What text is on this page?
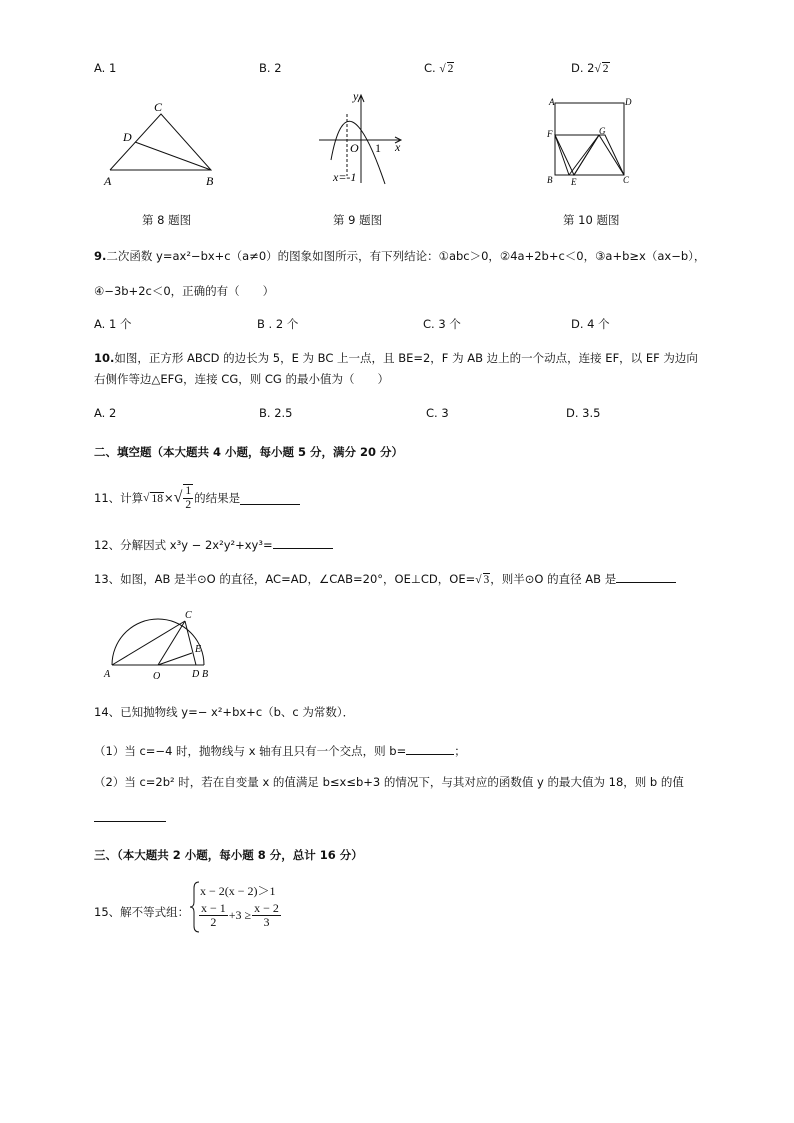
A. 1	B. 2	C. √ 2	D. 2√ 2
C
D
A	B
y
x
O 1
x=-1
A	D
F	G
B E	C
第 8 题图	第 9 题图	第 10 题图
9.二次函数 y=ax²−bx+c（a≠0）的图象如图所示，有下列结论：①abc＞0，②4a+2b+c＜0，③a+b≥x（ax−b），
④−3b+2c＜0，正确的有（　　）
A. 1 个	B . 2 个	C. 3 个	D. 4 个
10.如图，正方形 ABCD 的边长为 5，E 为 BC 上一点，且 BE=2，F 为 AB 边上的一个动点，连接 EF，以 EF 为边向
右侧作等边△EFG，连接 CG，则 CG 的最小值为（　　）
A. 2	B. 2.5	C. 3	D. 3.5
二、填空题（本大题共 4 小题，每小题 5 分，满分 20 分）
11、计算 √ 18 × √ $\frac{1}{2}$ 的结果是
12、分解因式 x³y − 2x²y²+xy³=
13、如图，AB 是半⊙O 的直径，AC=AD，∠CAB=20°，OE⊥CD，OE=√ 3，则半⊙O 的直径 AB 是
C
E
A	O	D B
14、已知抛物线 y=− x²+bx+c（b、c 为常数）．
（1）当 c=−4 时，抛物线与 x 轴有且只有一个交点，则 b=	；
（2）当 c=2b² 时，若在自变量 x 的值满足 b≤x≤b+3 的情况下，与其对应的函数值 y 的最大值为 18，则 b 的值
三、（本大题共 2 小题，每小题 8 分，总计 16 分）
15、解不等式组：
x − 2(x − 2)＞1
$\frac{x - 1}{2} +3 \ge \frac{x - 2}{3}$
